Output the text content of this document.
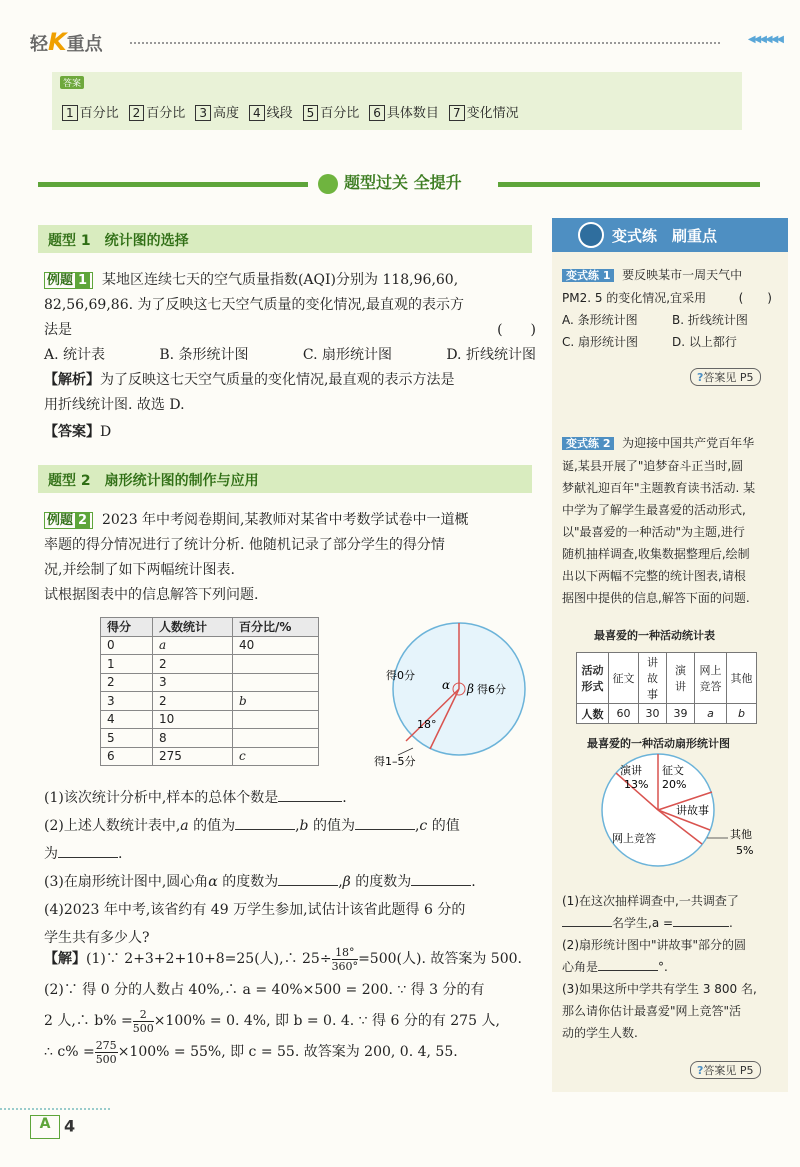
轻K重点	◀◀◀◀◀◀
答案
1 百分比	2 百分比	3 高度	4 线段	5 百分比	6 具体数目	7 变化情况
题型过关 全提升
题型 1　统计图的选择
例题 1 某地区连续七天的空气质量指数(AQI)分别为 118,96,60,
82,56,69,86. 为了反映这七天空气质量的变化情况,最直观的表示方
法是	(　　)
A. 统计表	B. 条形统计图	C. 扇形统计图	D. 折线统计图
【解析】为了反映这七天空气质量的变化情况,最直观的表示方法是
用折线统计图. 故选 D.
【答案】D
题型 2　扇形统计图的制作与应用
例题 2 2023 年中考阅卷期间,某教师对某省中考数学试卷中一道概
率题的得分情况进行了统计分析. 他随机记录了部分学生的得分情
况,并绘制了如下两幅统计图表.
试根据图表中的信息解答下列问题.
得分	人数统计	百分比/%
0	a	40
1	2	
2	3	
3	2	b
4	10	
5	8	
6	275	c
得0分
α β 得6分
18°
得1–5分
(1)该次统计分析中,样本的总体个数是	.
(2)上述人数统计表中,a 的值为	,b 的值为	,c 的值
为	.
(3)在扇形统计图中,圆心角α 的度数为	,β 的度数为	.
(4)2023 年中考,该省约有 49 万学生参加,试估计该省此题得 6 分的
学生共有多少人?
【解】(1)∵ 2+3+2+10+8=25(人),∴ $25\div \frac{18^\circ}{360^\circ} =500$(人). 故答案为 500.
(2)∵ 得 0 分的人数占 40%,∴ a = 40%×500 = 200. ∵ 得 3 分的有
2 人,∴ $b\% = \frac{2}{500} \times 100\% = 0$. 4%, 即 b = 0. 4. ∵ 得 6 分的有 275 人,
∴ $c\% = \frac{275}{500} \times 100\% = 55\%$, 即 c = 55. 故答案为 200, 0. 4, 55.
变式练　刷重点
变式练 1 要反映某市一周天气中
PM2. 5 的变化情况,宜采用	(　　)
A. 条形统计图	B. 折线统计图
C. 扇形统计图	D. 以上都行
?答案见 P5
变式练 2 为迎接中国共产党百年华
诞,某县开展了"追梦奋斗正当时,圆
梦献礼迎百年"主题教育读书活动. 某
中学为了解学生最喜爱的活动形式,
以"最喜爱的一种活动"为主题,进行
随机抽样调查,收集数据整理后,绘制
出以下两幅不完整的统计图表,请根
据图中提供的信息,解答下面的问题.
最喜爱的一种活动统计表
活动形式	征文	讲故事	演讲	网上竞答	其他
人数	60	30	39	a	b
最喜爱的一种活动扇形统计图
演讲
13%
征文
20%
讲故事
网上竞答	其他
5%
(1)在这次抽样调查中,一共调查了
名学生,a =	.
(2)扇形统计图中"讲故事"部分的圆
心角是	°.
(3)如果这所中学共有学生 3 800 名,
那么请你估计最喜爱"网上竞答"活
动的学生人数.
?答案见 P5
A 4
